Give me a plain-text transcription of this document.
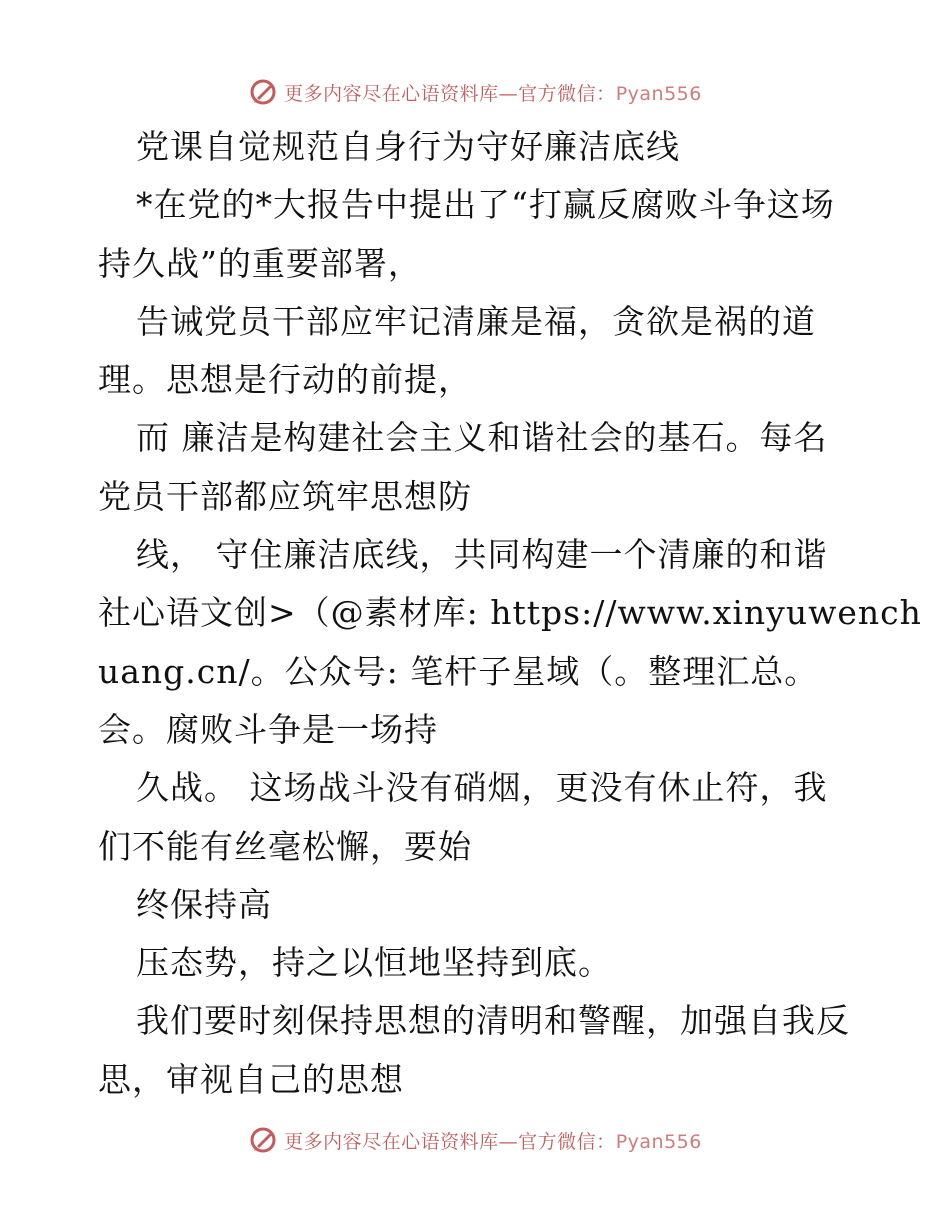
更多内容尽在心语资料库—官方微信：Pyan556
党课自觉规范自身行为守好廉洁底线
*在党的*大报告中提出了“打赢反腐败斗争这场
持久战”的重要部署，
告诫党员干部应牢记清廉是福，贪欲是祸的道
理。思想是行动的前提，
而 廉洁是构建社会主义和谐社会的基石。每名
党员干部都应筑牢思想防
线， 守住廉洁底线，共同构建一个清廉的和谐
社心语文创>（@素材库: https://www.xinyuwench
uang.cn/。公众号: 笔杆子星域（。整理汇总。
会。腐败斗争是一场持
久战。 这场战斗没有硝烟，更没有休止符，我
们不能有丝毫松懈，要始
终保持高
压态势，持之以恒地坚持到底。
我们要时刻保持思想的清明和警醒，加强自我反
思，审视自己的思想
更多内容尽在心语资料库—官方微信：Pyan556
